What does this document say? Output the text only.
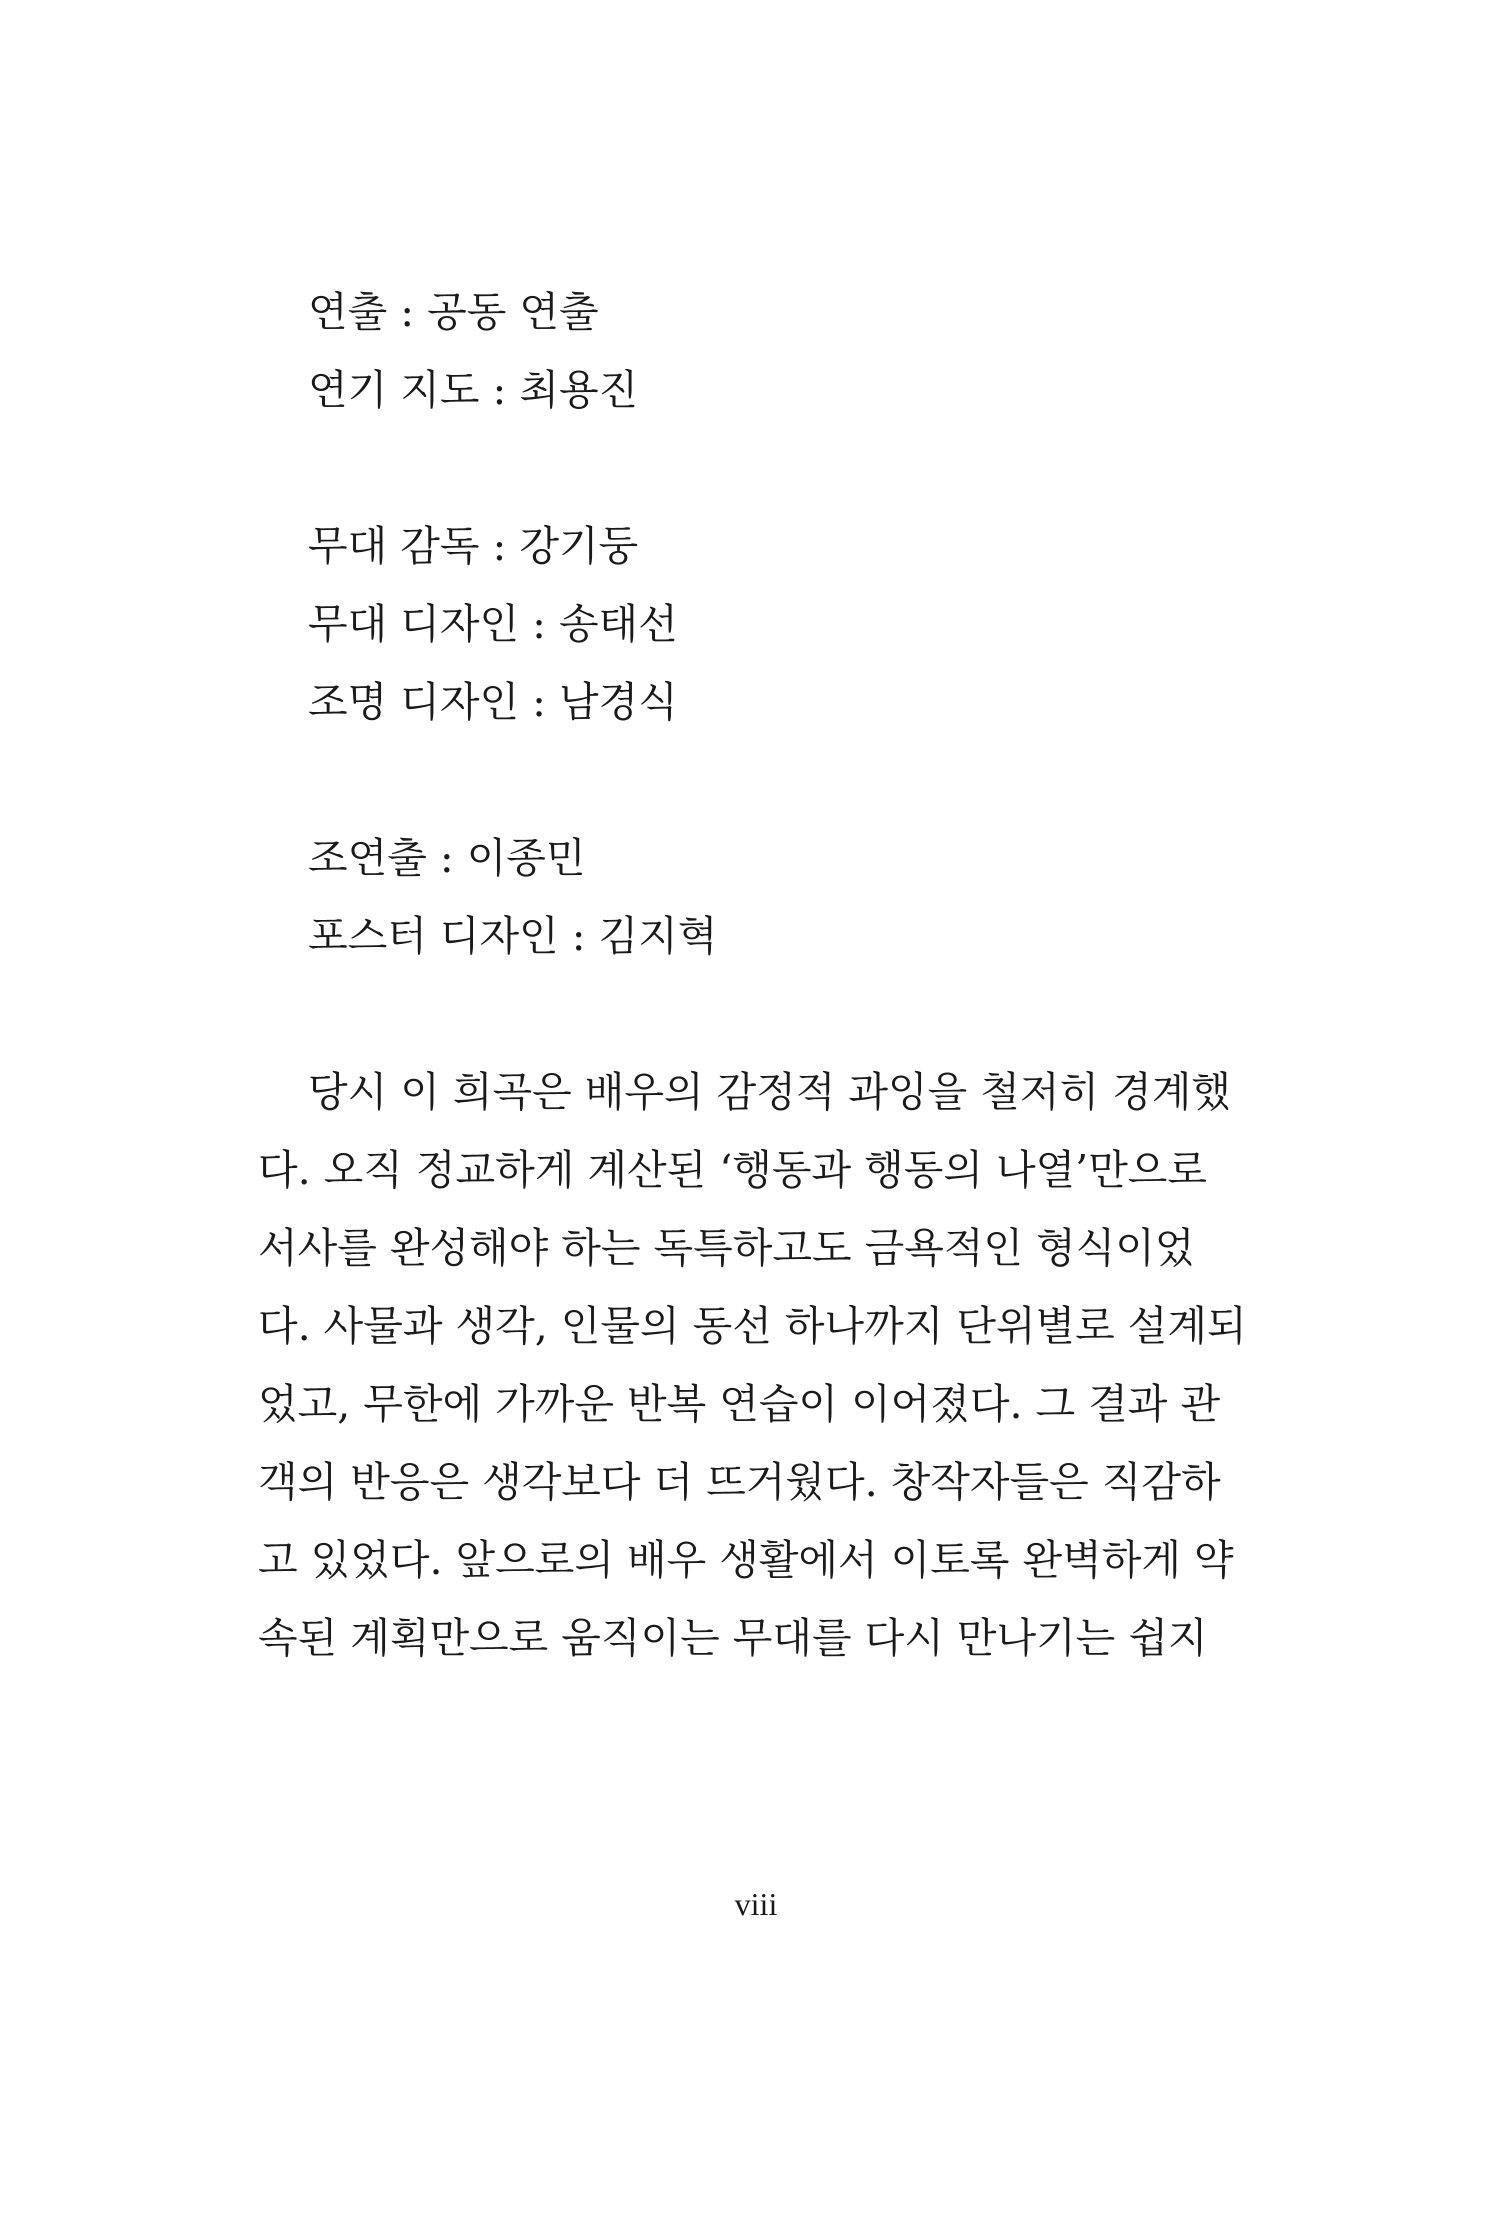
연출 : 공동 연출
연기 지도 : 최용진
무대 감독 : 강기둥
무대 디자인 : 송태선
조명 디자인 : 남경식
조연출 : 이종민
포스터 디자인 : 김지혁
당시 이 희곡은 배우의 감정적 과잉을 철저히 경계했
다. 오직 정교하게 계산된 ‘행동과 행동의 나열’만으로
서사를 완성해야 하는 독특하고도 금욕적인 형식이었
다. 사물과 생각, 인물의 동선 하나까지 단위별로 설계되
었고, 무한에 가까운 반복 연습이 이어졌다. 그 결과 관
객의 반응은 생각보다 더 뜨거웠다. 창작자들은 직감하
고 있었다. 앞으로의 배우 생활에서 이토록 완벽하게 약
속된 계획만으로 움직이는 무대를 다시 만나기는 쉽지
viii
